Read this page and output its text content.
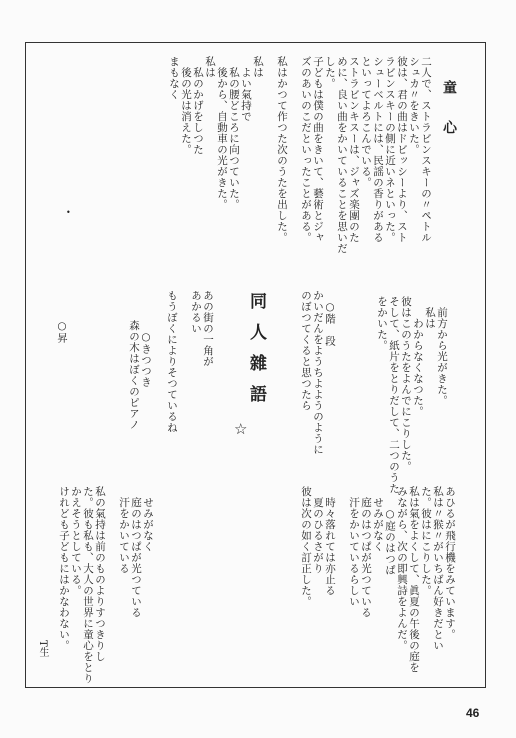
童　心
二人で、ストラビンスキーの〃ペトル
シュカ〃をきいた。
彼は、君の曲はドビッシーより、スト
ラビンスキーの側に近いネといった。
シューベルトには、民謡の香りがある
といってよろこんでいる。
ストラビンキスーは、ジャズ楽團のた
めに、良い曲をかいていることを思いだ
した。
子どもは僕の曲をきいて、藝術とジャ
ズのあいのこだといったことがある。

私はかつて作つた次のうたを出した。

私は
　よい氣持で
　私の腰どころに向つていた。
　後から、自動車の光がきた。
私は
　私のかげをしつた
　後の光は消えた。
まもなく
　前方から光がきた。
　私は
　　わからなくなつた。
彼はこのうたをよんでにこりした。
そして、紙片をとりだして、二つのうた
をかいた。
　○きつつき
森の木はぼくのピアノ

○昇	あの街の一角が
あかるい

もうぼくによりそつているね	　○階　段
かいだんをようちよようのように
のぼつてくると思つたら
同人雜語
☆
あひるが飛行機をみています。
私は〃猴〃がいちばん好きだとい
た。彼はにこりした。
私は氣をよくして、眞夏の午後の庭を
みながら、次の即興詩をよんだ。
　　○庭のはつぱ
　せみがなく
　庭のはつぱが光つている
　汗をかいているらしい

　時々落れては亦止る
　夏のひるさがり
彼は次の如く訂正した。
　せみがなく
　庭のはつぱが光つている
　汗をかいている

私の氣持は前のものよりすつきりし
た。彼も私も、大人の世界に童心をとり
かえそうとしている。
けれども子どもにはかなわない。
T生
•
46
